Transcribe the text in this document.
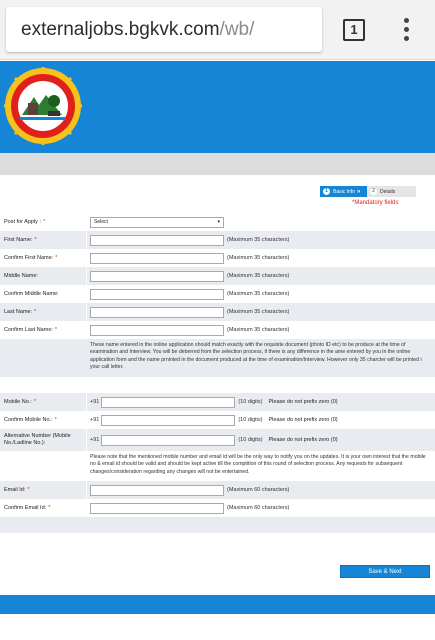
externaljobs.bgkvk.com /wb/	1
1	Basic Info »	2	Details
*Mandatory fields
Post for Apply : *	Select	▾
First Name: *	(Maximum 35 characters)
Confirm First Name: *	(Maximum 35 characters)
Middle Name:	(Maximum 35 characters)
Confirm Middle Name:	(Maximum 35 characters)
Last Name: *	(Maximum 35 characters)
Confirm Last Name: *	(Maximum 35 characters)
These name entered in the online application should match exactly with the requisite document (photo ID etc) to be produce at the time of examination and Interview. You will be deberred from the selection process, if there is any difference in the ame entered by you in the online application form and the name prninted in the document produced at the time of examination/Interview. However only 35 charcter will be printed i your call letter.
Mobile No.: *	+91	(10 digits) Please do not prefix zero (0)
Confirm Mobile No.: *	+91	(10 digits) Please do not prefix zero (0)
Alternative Number (Mobile No./Ladline No.):	+91	(10 digits) Please do not prefix zero (0)
Please note that the mentioned mobile number and email id will be the only way to notify you on the updates. It is your own interest that the mobile no & email id should be valid and should be kept active till the comptition of this round of selection process. Any requests for subsequent changes/consideration regarding any changes will not be entertained.
Email Id: *	(Maximum 60 characters)
Confirm Email Id: *	(Maximum 60 characters)
Save & Next
